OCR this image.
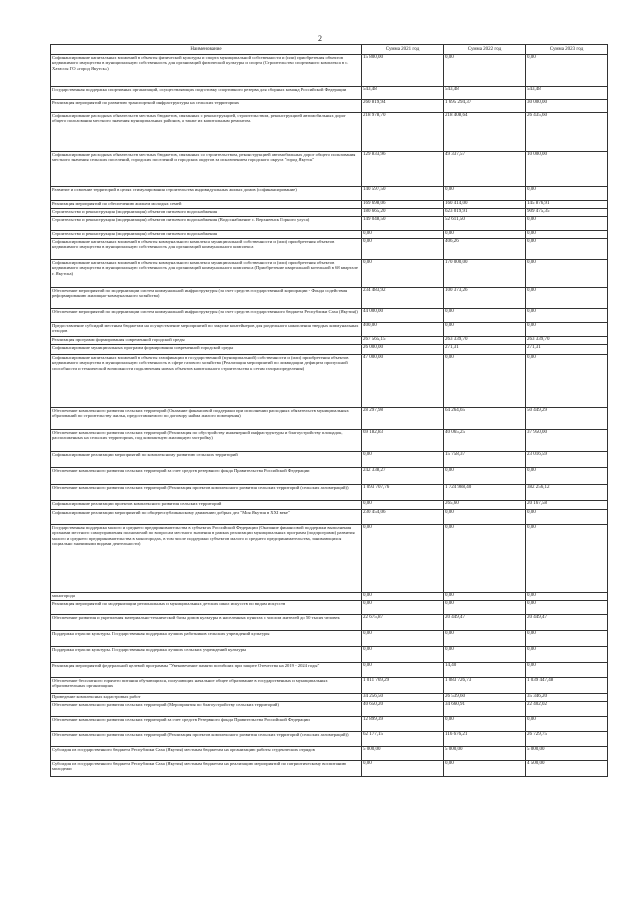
2
Наименование	Сумма 2021 год	Сумма 2022 год	Сумма 2023 год
Софинансирование капитальных вложений в объекты физической культуры и спорта муниципальной собственности и (или) приобретения объектов недвижимого имущества в муниципальную собственность для организаций физической культуры и спорта (Строительство спортивного комплекса в с. Хатассы ГО «город Якутск»)	15 800,00	0,00	0,00
Государственная поддержка спортивных организаций, осуществляющих подготовку спортивного резерва для сборных команд Российской Федерации	543,48	543,48	543,48
Реализация мероприятий по развитию транспортной инфраструктуры на сельских территориях	260 819,94	1 695 294,37	30 000,00
Софинансирование расходных обязательств местных бюджетов, связанных с реконструкцией, строительством, реконструкцией автомобильных дорог общего пользования местного значения муниципальных районов, а также их капитальным ремонтом.	218 978,70	218 408,64	26 435,60
Софинансирование расходных обязательств местных бюджетов, связанных со строительством, реконструкцией автомобильных дорог общего пользования местного значения сельских поселений, городских поселений и городских округов за исключением городского округа "город Якутск"	129 833,96	49 337,57	10 000,00
Развитие и освоение территорий в целях стимулирования строительства индивидуальных жилых домов (софинансирование)	140 597,50	0,00	0,00
Реализация мероприятий по обеспечению жильем молодых семей	169 698,06	160 414,00	145 876,91
Строительство и реконструкция (модернизация) объектов питьевого водоснабжения	180 665,20	623 019,91	909 475,35
Строительство и реконструкция (модернизация) объектов питьевого водоснабжения (Водоснабжение с. Верхнеенск Горного улуса)	149 048,50	52 611,50	0,00
Строительство и реконструкция (модернизация) объектов питьевого водоснабжения	0,00	0,00	0,00
Софинансирование капитальных вложений в объекты коммунального комплекса муниципальной собственности и (или) приобретения объектов недвижимого имущества в муниципальную собственность для организаций коммунального комплекса	0,00	406,26	0,00
Софинансирование капитальных вложений в объекты коммунального комплекса муниципальной собственности и (или) приобретения объектов недвижимого имущества в муниципальную собственность для организаций коммунального комплекса (Приобретение квартальной котельной в 68 квартале г. Якутска)	0,00	170 000,00	0,00
Обеспечение мероприятий по модернизации систем коммунальной инфраструктуры (за счет средств государственной корпорации - Фонда содействия реформированию жилищно-коммунального хозяйства)	234 483,92	100 373,26	0,00
Обеспечение мероприятий по модернизации систем коммунальной инфраструктуры (за счет средств государственного бюджета Республики Саха (Якутия))	44 000,00	0,00	0,00
Предоставление субсидий местным бюджетам на осуществление мероприятий по закупке контейнеров для раздельного накопления твердых коммунальных отходов	400,00	0,00	0,00
Реализация программ формирования современной городской среды	267 565,15	263 339,70	263 339,70
Софинансирование муниципальных программ формирования современной городской среды	26 000,00	271,31	271,31
Софинансирование капитальных вложений в объекты газификации в государственной (муниципальной) собственности и (или) приобретения объектов недвижимого имущества в муниципальную собственность в сфере газового хозяйства (Реализация мероприятий по ликвидации дефицита пропускной способности и технической возможности подключения новых объектов капитального строительства к сетям газораспределения)	47 000,00	0,00	0,00
Обеспечение комплексного развития сельских территорий (Оказание финансовой поддержки при исполнении расходных обязательств муниципальных образований по строительству жилья, предоставляемого по договору найма жилого помещения)	28 297,98	64 264,65	50 449,29
Обеспечение комплексного развития сельских территорий (Реализация по обустройству инженерной инфраструктуры и благоустройству площадок, расположенных на сельских территориях, под компактную жилищную застройку)	69 182,83	40 065,25	37 950,00
Софинансирование реализации мероприятий по комплексному развитию сельских территорий	0,00	15 758,37	23 016,59
Обеспечение комплексного развития сельских территорий за счет средств резервного фонда Правительства Российской Федерации	242 338,27	0,00	0,00
Обеспечение комплексного развития сельских территорий (Реализация проектов комплексного развития сельских территорий (сельских агломераций))	1 093 707,76	1 724 988,40	382 256,12
Софинансирование реализации проектов комплексного развития сельских территорий	0,00	265,60	20 167,58
Софинансирование реализации мероприятий по общереспубликанскому движению добрых дел "Моя Якутия в XXI веке"	230 454,06	0,00	0,00
Государственная поддержка малого и среднего предпринимательства в субъектах Российской Федерации (Оказание финансовой поддержки выполнения органами местного самоуправления полномочий по вопросам местного значения в рамках реализации муниципальных программ (подпрограмм) развития малого и среднего предпринимательства в моногородах, в том числе поддержки субъектов малого и среднего предпринимательства, занимающихся социально значимыми видами деятельности)	0,00	0,00	0,00
моногорода	0,00	0,00	0,00
Реализация мероприятий по модернизации региональных и муниципальных детских школ искусств по видам искусств	0,00	0,00	0,00
Обеспечение развития и укрепления материально-технической базы домов культуры в населенных пунктах с числом жителей до 50 тысяч человек	22 675,87	20 449,47	20 449,47
Поддержка отрасли культуры. Государственная поддержка лучших работников сельских учреждений культуры	0,00	0,00	0,00
Поддержка отрасли культуры. Государственная поддержка лучших сельских учреждений культуры	0,00	0,00	0,00
Реализация мероприятий федеральной целевой программы "Увековечение памяти погибших при защите Отечества на 2019 - 2024 годы"	0,00	14,40	0,00
Обеспечение бесплатного горячего питания обучающихся, получающих начальное общее образование в государственных и муниципальных образовательных организациях	1 011 769,29	1 083 726,73	1 039 447,48
Проведение комплексных кадастровых работ	34 256,50	26 539,60	35 346,20
Обеспечение комплексного развития сельских территорий (Мероприятия по благоустройству сельских территорий)	40 650,20	34 660,91	22 402,02
Обеспечение комплексного развития сельских территорий за счет средств Резервного фонда Правительства Российской Федерации	12 899,39	0,00	0,00
Обеспечение комплексного развития сельских территорий (Реализация проектов комплексного развития сельских территорий (сельских агломераций))	62 177,15	116 676,21	26 729,75
Субсидия из государственного бюджета Республики Саха (Якутия) местным бюджетам на организацию работы студенческих отрядов	5 000,00	5 000,00	5 000,00
Субсидия из государственного бюджета Республики Саха (Якутия) местным бюджетам на реализацию мероприятий по патриотическому воспитанию молодежи	0,00	0,00	4 500,00
